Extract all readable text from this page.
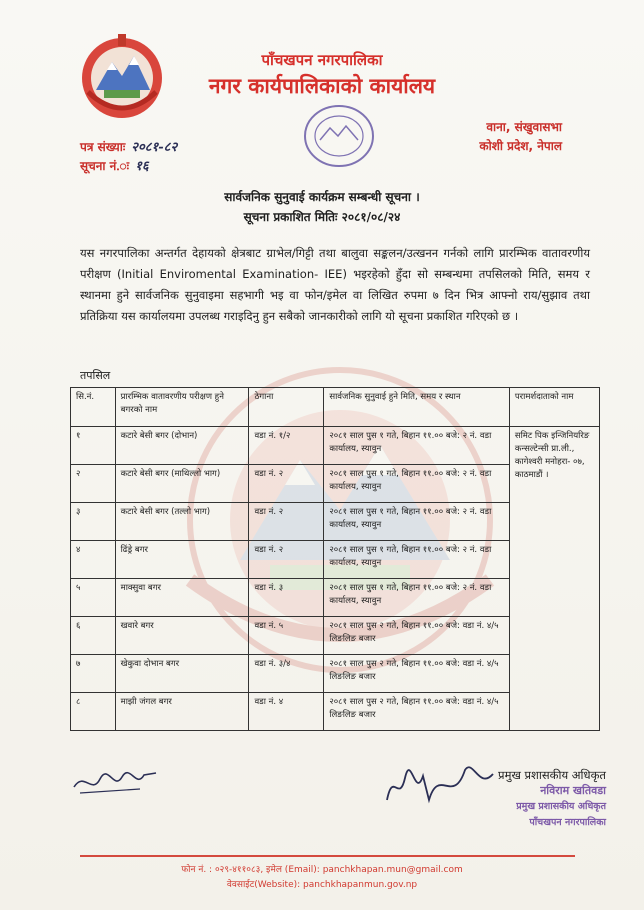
पाँचखपन नगरपालिका
नगर कार्यपालिकाको कार्यालय
पत्र संख्याः २०८१-८२
सूचना नं.ः १६
वाना, संखुवासभा
कोशी प्रदेश, नेपाल
सार्वजनिक सुनुवाई कार्यक्रम सम्बन्धी सूचना ।
सूचना प्रकाशित मितिः २०८१/०८/२४
यस नगरपालिका अन्तर्गत देहायको क्षेत्रबाट ग्राभेल/गिट्टी तथा बालुवा सङ्कलन/उत्खनन गर्नको लागि प्रारम्भिक वातावरणीय परीक्षण (Initial Enviromental Examination- IEE) भइरहेको हुँदा सो सम्बन्धमा तपसिलको मिति, समय र स्थानमा हुने सार्वजनिक सुनुवाइमा सहभागी भइ वा फोन/इमेल वा लिखित रुपमा ७ दिन भित्र आफ्नो राय/सुझाव तथा प्रतिक्रिया यस कार्यालयमा उपलब्ध गराइदिनु हुन सबैको जानकारीको लागि यो सूचना प्रकाशित गरिएको छ ।
तपसिल
सि.नं.	प्रारम्भिक वातावरणीय परीक्षण हुने बगरको नाम	ठेगाना	सार्वजनिक सुनुवाई हुने मिति, समय र स्थान	परामर्शदाताको नाम
१	कटारे बेसी बगर (दोभान)	वडा नं. १/२	२०८१ साल पुस १ गते, बिहान ११.०० बजे: २ नं. वडा कार्यालय, स्यावुन	समिट पिक इन्जिनियरिङ कन्सल्टेन्सी प्रा.ली., कागेश्वरी मनोहरा- ०७, काठमाडौं ।
२	कटारे बेसी बगर (माथिल्लो भाग)	वडा नं. २	२०८१ साल पुस १ गते, बिहान ११.०० बजे: २ नं. वडा कार्यालय, स्यावुन	
३	कटारे बेसी बगर (तल्लो भाग)	वडा नं. २	२०८१ साल पुस १ गते, बिहान ११.०० बजे: २ नं. वडा कार्यालय, स्यावुन	
४	ढिंड्रे बगर	वडा नं. २	२०८१ साल पुस १ गते, बिहान ११.०० बजे: २ नं. वडा कार्यालय, स्यावुन	
५	माक्सुवा बगर	वडा नं. ३	२०८१ साल पुस १ गते, बिहान ११.०० बजे: २ नं. वडा कार्यालय, स्यावुन	
६	खवारे बगर	वडा नं. ५	२०८१ साल पुस २ गते, बिहान ११.०० बजे: वडा नं. ४/५ लिङलिङ बजार	
७	खेकुवा दोभान बगर	वडा नं. ३/४	२०८१ साल पुस २ गते, बिहान ११.०० बजे: वडा नं. ४/५ लिङलिङ बजार	
८	माझी जंगल बगर	वडा नं. ४	२०८१ साल पुस २ गते, बिहान ११.०० बजे: वडा नं. ४/५ लिङलिङ बजार	
प्रमुख प्रशासकीय अधिकृत
नविराम खतिवडा
प्रमुख प्रशासकीय अधिकृत
पाँचखपन नगरपालिका
फोन नं. : ०२९-४११०८३, इमेल (Email): panchkhapan.mun@gmail.com
वेवसाईट(Website): panchkhapanmun.gov.np
